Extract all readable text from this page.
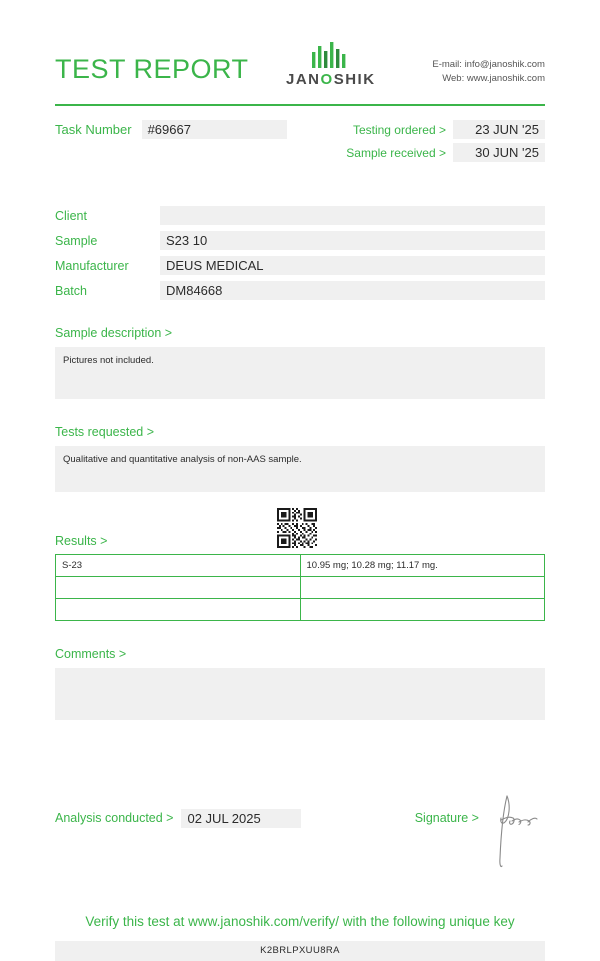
TEST REPORT JANOSHIK
E-mail: info@janoshik.com
Web: www.janoshik.com
Task Number	#69667	Testing ordered >	23 JUN '25
Sample received >	30 JUN '25
Client
Sample	S23 10
Manufacturer	DEUS MEDICAL
Batch	DM84668
Sample description >
Pictures not included.
Tests requested >
Qualitative and quantitative analysis of non-AAS sample.
Results >
S-23	10.95 mg; 10.28 mg; 11.17 mg.

Comments >
Analysis conducted >	02 JUL 2025	Signature >
Verify this test at www.janoshik.com/verify/ with the following unique key
K2BRLPXUU8RA
